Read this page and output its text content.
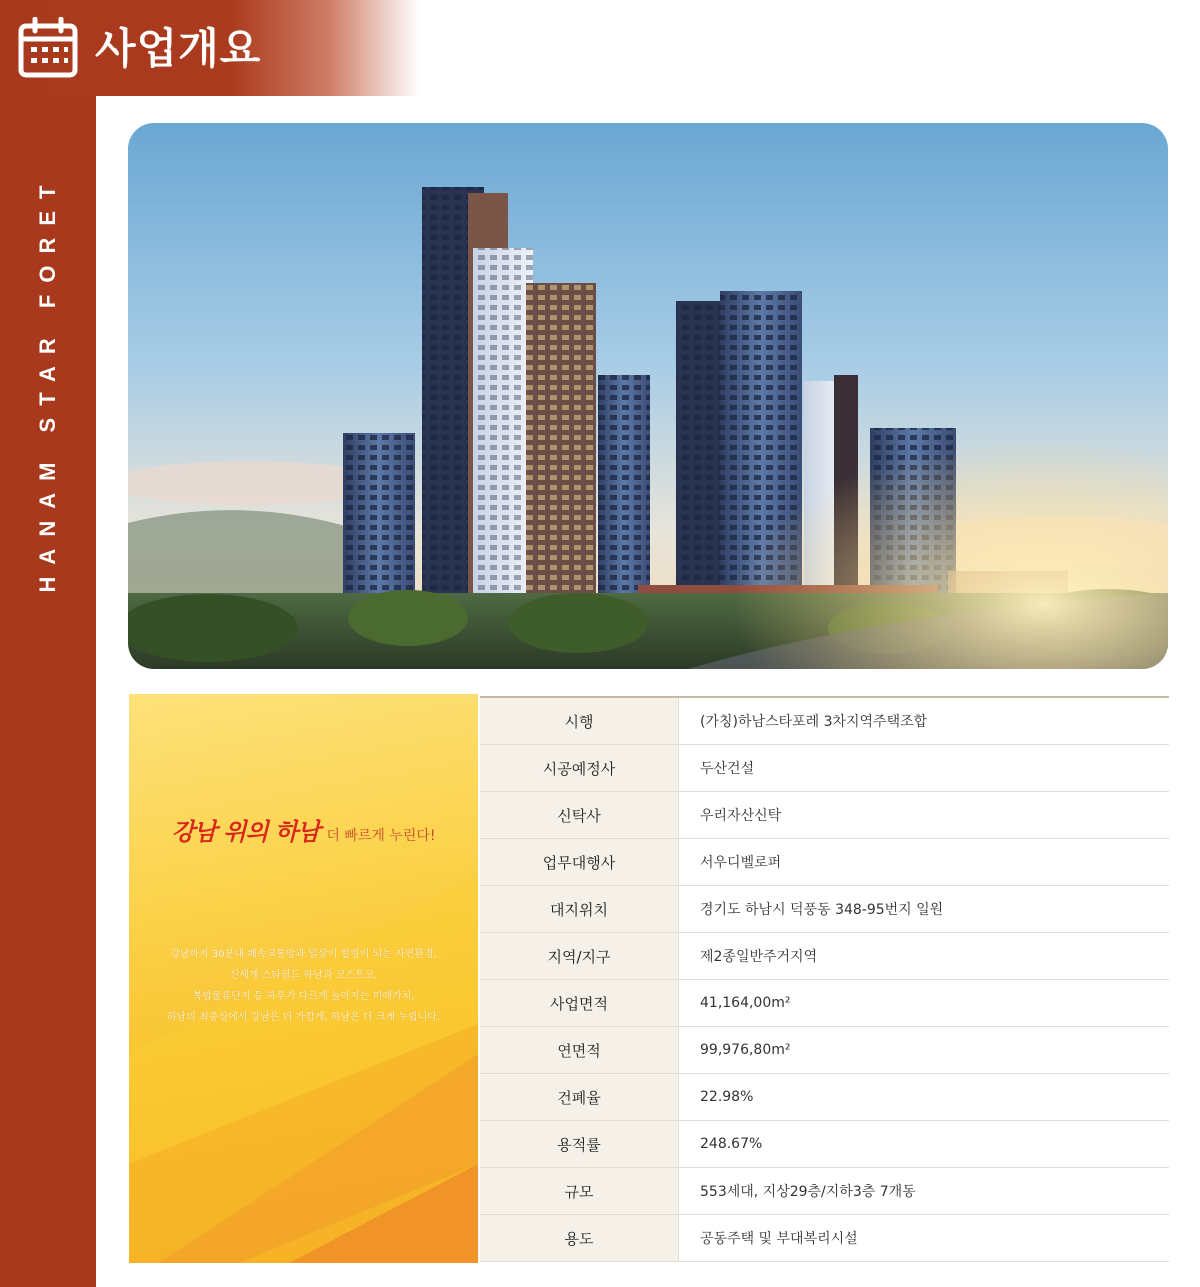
HANAM STAR FORET
사업개요
강남 위의 하남 더 빠르게 누린다!
강남까지 30분대 쾌속교통망과 일상이 힐링이 되는 자연환경,
신세계 스타필드 하남과 코스트코,
복합물류단지 등 하루가 다르게 높아지는 미래가치,
하남의 최중심에서 강남은 더 가깝게, 하남은 더 크게 누립니다.
시행	(가칭)하남스타포레 3차지역주택조합
시공예정사	두산건설
신탁사	우리자산신탁
업무대행사	서우디벨로퍼
대지위치	경기도 하남시 덕풍동 348-95번지 일원
지역/지구	제2종일반주거지역
사업면적	41,164,00m²
연면적	99,976,80m²
건폐율	22.98%
용적률	248.67%
규모	553세대, 지상29층/지하3층 7개동
용도	공동주택 및 부대복리시설
